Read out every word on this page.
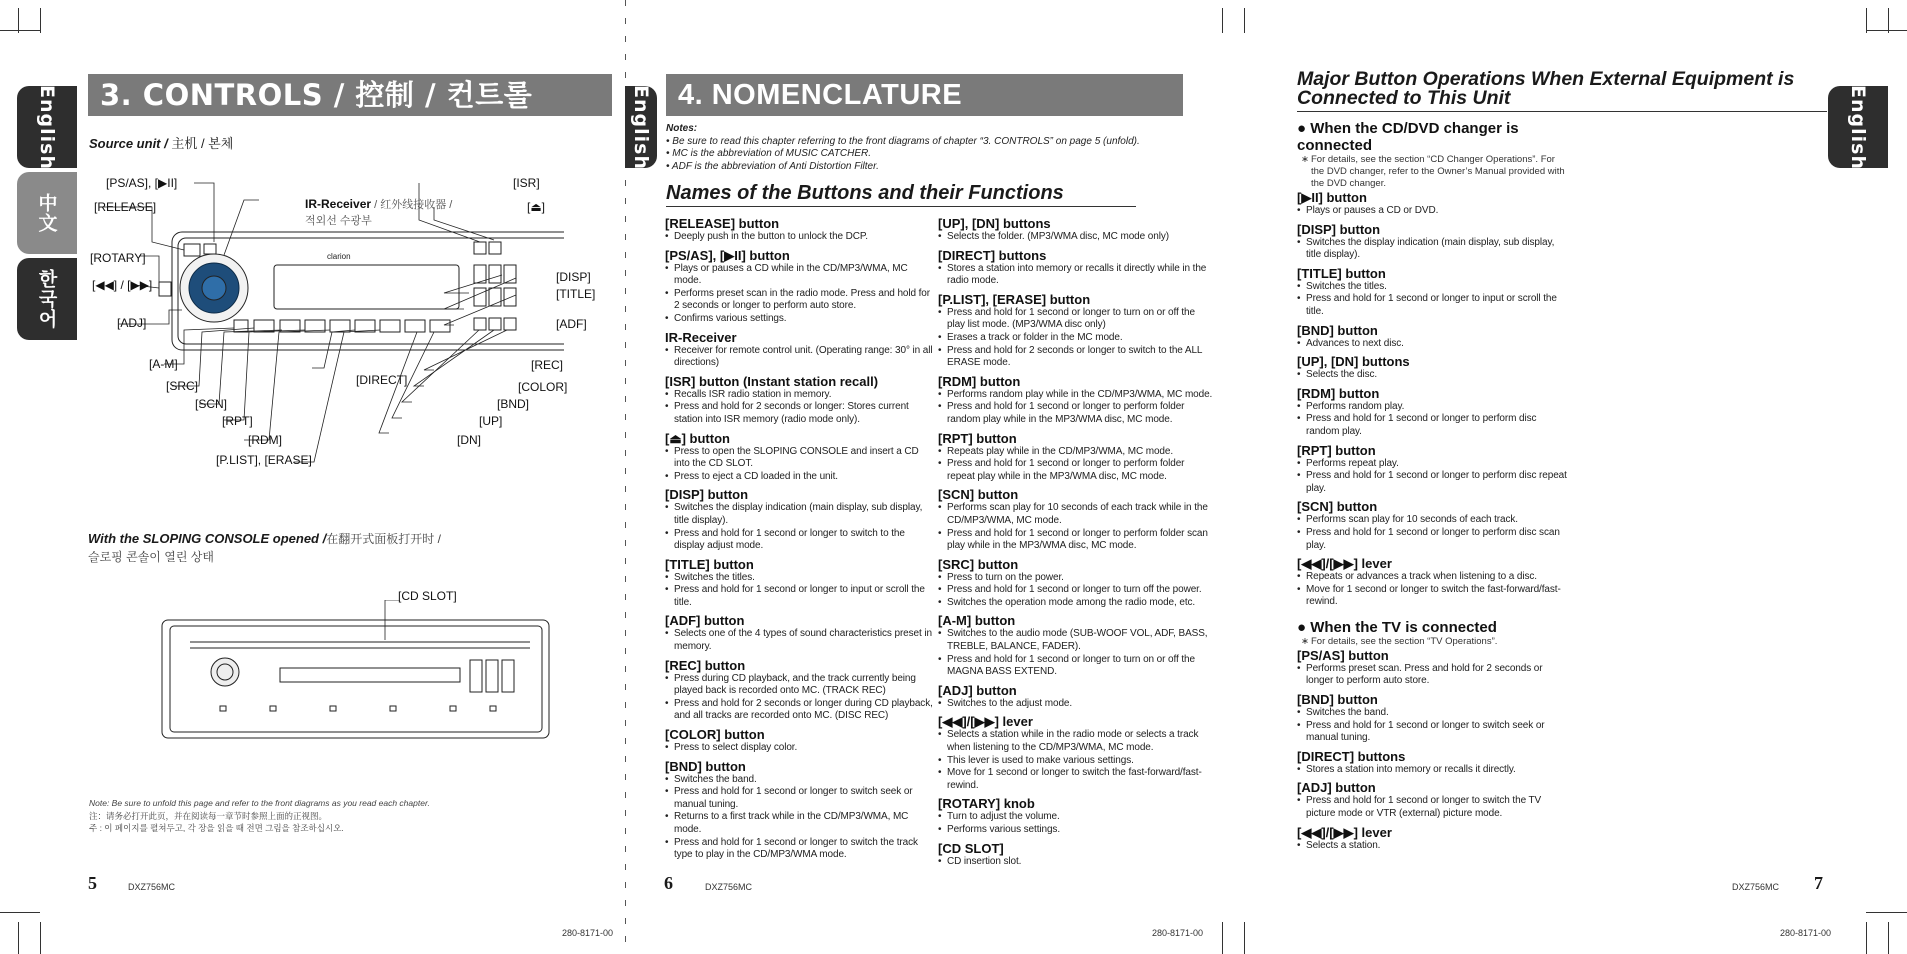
English
中文
한국어
3. CONTROLS / 控制 / 컨트롤
Source unit / 主机 / 본체
clarion
[PS/AS], [▶II]
[RELEASE]
[ROTARY]
[◀◀] / [▶▶]
[ADJ]
[A-M]
[SRC]
[SCN]
[RPT]
[RDM]
[P.LIST], [ERASE]
[DIRECT]
[DN]
[UP]
[BND]
[COLOR]
[REC]
[ADF]
[TITLE]
[DISP]
[⏏]
[ISR]
IR-Receiver / 红外线接收器 /
적외선 수광부
With the SLOPING CONSOLE opened /在翻开式面板打开时 /
슬로핑 콘솔이 열린 상태
[CD SLOT]
Note: Be sure to unfold this page and refer to the front diagrams as you read each chapter.
注：请务必打开此页，并在阅读每一章节时参照上面的正视图。
주 : 이 페이지를 펼쳐두고, 각 장을 읽을 때 전면 그림을 참조하십시오.
5	DXZ756MC
280-8171-00
English 4. NOMENCLATURE
Notes:
• Be sure to read this chapter referring to the front diagrams of chapter “3. CONTROLS” on page 5 (unfold).
• MC is the abbreviation of MUSIC CATCHER.
• ADF is the abbreviation of Anti Distortion Filter.
Names of the Buttons and their Functions
[RELEASE] button
• Deeply push in the button to unlock the DCP.
[PS/AS], [▶II] button
• Plays or pauses a CD while in the CD/MP3/WMA, MC mode.
• Performs preset scan in the radio mode. Press and hold for 2 seconds or longer to perform auto store.
• Confirms various settings.
IR-Receiver
• Receiver for remote control unit. (Operating range: 30° in all directions)
[ISR] button (Instant station recall)
• Recalls ISR radio station in memory.
• Press and hold for 2 seconds or longer: Stores current station into ISR memory (radio mode only).
[⏏] button
• Press to open the SLOPING CONSOLE and insert a CD into the CD SLOT.
• Press to eject a CD loaded in the unit.
[DISP] button
• Switches the display indication (main display, sub display, title display).
• Press and hold for 1 second or longer to switch to the display adjust mode.
[TITLE] button
• Switches the titles.
• Press and hold for 1 second or longer to input or scroll the title.
[ADF] button
• Selects one of the 4 types of sound characteristics preset in memory.
[REC] button
• Press during CD playback, and the track currently being played back is recorded onto MC. (TRACK REC)
• Press and hold for 2 seconds or longer during CD playback, and all tracks are recorded onto MC. (DISC REC)
[COLOR] button
• Press to select display color.
[BND] button
• Switches the band.
• Press and hold for 1 second or longer to switch seek or manual tuning.
• Returns to a first track while in the CD/MP3/WMA, MC mode.
• Press and hold for 1 second or longer to switch the track type to play in the CD/MP3/WMA mode.
[UP], [DN] buttons
• Selects the folder. (MP3/WMA disc, MC mode only)
[DIRECT] buttons
• Stores a station into memory or recalls it directly while in the radio mode.
[P.LIST], [ERASE] button
• Press and hold for 1 second or longer to turn on or off the play list mode. (MP3/WMA disc only)
• Erases a track or folder in the MC mode.
• Press and hold for 2 seconds or longer to switch to the ALL ERASE mode.
[RDM] button
• Performs random play while in the CD/MP3/WMA, MC mode.
• Press and hold for 1 second or longer to perform folder random play while in the MP3/WMA disc, MC mode.
[RPT] button
• Repeats play while in the CD/MP3/WMA, MC mode.
• Press and hold for 1 second or longer to perform folder repeat play while in the MP3/WMA disc, MC mode.
[SCN] button
• Performs scan play for 10 seconds of each track while in the CD/MP3/WMA, MC mode.
• Press and hold for 1 second or longer to perform folder scan play while in the MP3/WMA disc, MC mode.
[SRC] button
• Press to turn on the power.
• Press and hold for 1 second or longer to turn off the power.
• Switches the operation mode among the radio mode, etc.
[A-M] button
• Switches to the audio mode (SUB-WOOF VOL, ADF, BASS, TREBLE, BALANCE, FADER).
• Press and hold for 1 second or longer to turn on or off the MAGNA BASS EXTEND.
[ADJ] button
• Switches to the adjust mode.
[◀◀]/[▶▶] lever
• Selects a station while in the radio mode or selects a track when listening to the CD/MP3/WMA, MC mode.
• This lever is used to make various settings.
• Move for 1 second or longer to switch the fast-forward/fast-rewind.
[ROTARY] knob
• Turn to adjust the volume.
• Performs various settings.
[CD SLOT]
• CD insertion slot.
6	DXZ756MC
280-8171-00
English
Major Button Operations When External Equipment is Connected to This Unit
● When the CD/DVD changer is connected
∗ For details, see the section “CD Changer Operations”. For the DVD changer, refer to the Owner’s Manual provided with the DVD changer.
[▶II] button
• Plays or pauses a CD or DVD.
[DISP] button
• Switches the display indication (main display, sub display, title display).
[TITLE] button
• Switches the titles.
• Press and hold for 1 second or longer to input or scroll the title.
[BND] button
• Advances to next disc.
[UP], [DN] buttons
• Selects the disc.
[RDM] button
• Performs random play.
• Press and hold for 1 second or longer to perform disc random play.
[RPT] button
• Performs repeat play.
• Press and hold for 1 second or longer to perform disc repeat play.
[SCN] button
• Performs scan play for 10 seconds of each track.
• Press and hold for 1 second or longer to perform disc scan play.
[◀◀]/[▶▶] lever
• Repeats or advances a track when listening to a disc.
• Move for 1 second or longer to switch the fast-forward/fast-rewind.
● When the TV is connected
∗ For details, see the section “TV Operations”.
[PS/AS] button
• Performs preset scan. Press and hold for 2 seconds or longer to perform auto store.
[BND] button
• Switches the band.
• Press and hold for 1 second or longer to switch seek or manual tuning.
[DIRECT] buttons
• Stores a station into memory or recalls it directly.
[ADJ] button
• Press and hold for 1 second or longer to switch the TV picture mode or VTR (external) picture mode.
[◀◀]/[▶▶] lever
• Selects a station.
DXZ756MC 7
280-8171-00
